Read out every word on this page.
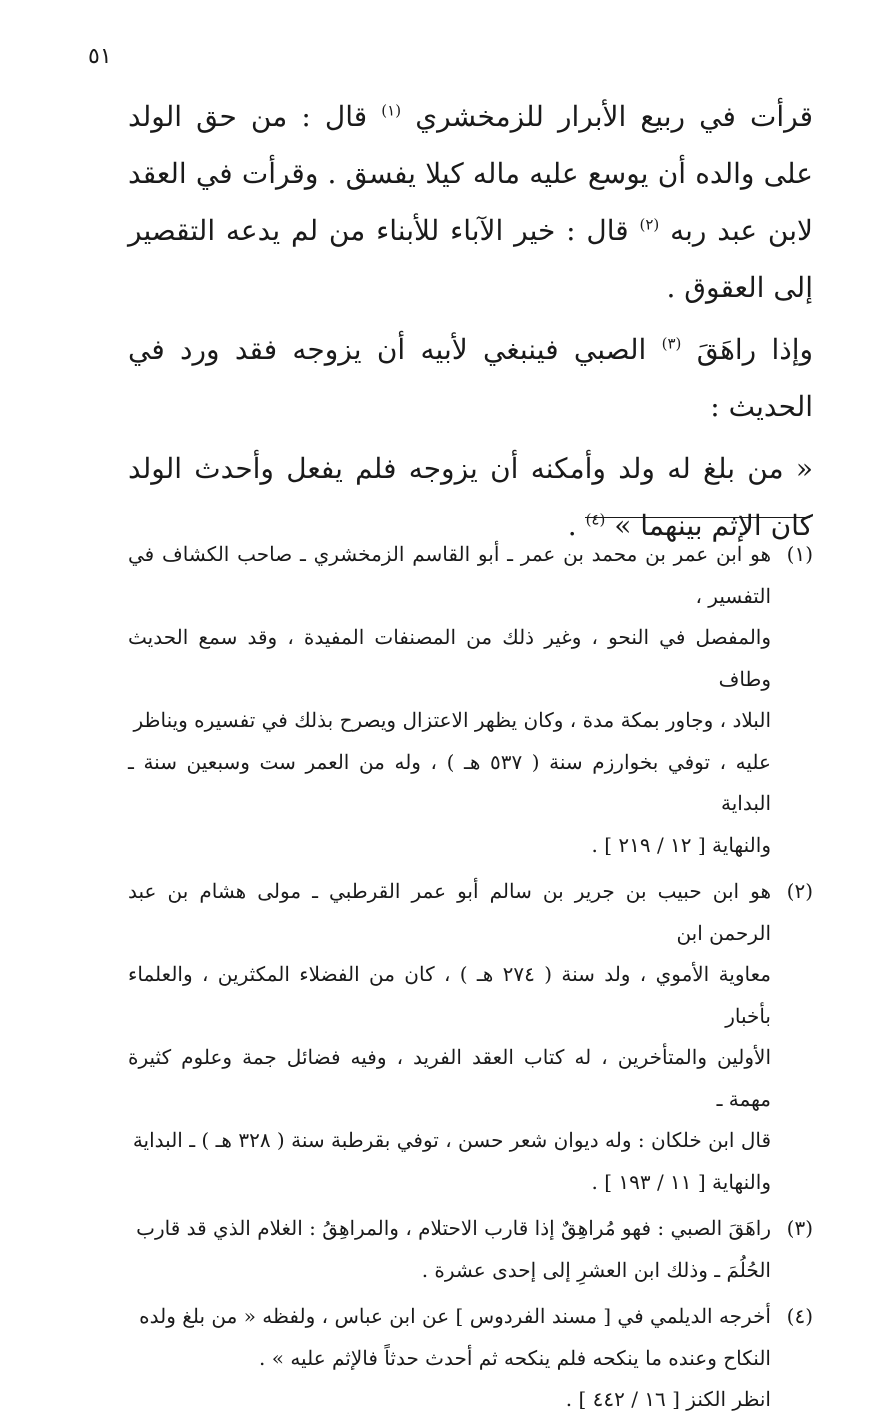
٥١

قرأت في ربيع الأبرار للزمخشري $^{(١)}$ قال : من حق الولد على والده أن يوسع عليه ماله كيلا يفسق . وقرأت في العقد لابن عبد ربه $^{(٢)}$ قال : خير الآباء للأبناء من لم يدعه التقصير إلى العقوق .

وإذا راهَقَ $^{(٣)}$ الصبي فينبغي لأبيه أن يزوجه فقد ورد في الحديث :

« من بلغ له ولد وأمكنه أن يزوجه فلم يفعل وأحدث الولد كان الإثم بينهما » $^{(٤)}$ .

(١)
هو ابن عمر بن محمد بن عمر ـ أبو القاسم الزمخشري ـ صاحب الكشاف في التفسير ،
والمفصل في النحو ، وغير ذلك من المصنفات المفيدة ، وقد سمع الحديث وطاف
البلاد ، وجاور بمكة مدة ، وكان يظهر الاعتزال ويصرح بذلك في تفسيره ويناظر
عليه ، توفي بخوارزم سنة ( ٥٣٧ هـ ) ، وله من العمر ست وسبعين سنة ـ البداية
والنهاية [ ١٢ / ٢١٩ ] .
(٢)
هو ابن حبيب بن جرير بن سالم أبو عمر القرطبي ـ مولى هشام بن عبد الرحمن ابن
معاوية الأموي ، ولد سنة ( ٢٧٤ هـ ) ، كان من الفضلاء المكثرين ، والعلماء بأخبار
الأولين والمتأخرين ، له كتاب العقد الفريد ، وفيه فضائل جمة وعلوم كثيرة مهمة ـ
قال ابن خلكان : وله ديوان شعر حسن ، توفي بقرطبة سنة ( ٣٢٨ هـ ) ـ البداية
والنهاية [ ١١ / ١٩٣ ] .
(٣)
راهَقَ الصبي : فهو مُراهِقٌ إذا قارب الاحتلام ، والمراهِقُ : الغلام الذي قد قارب
الحُلُمَ ـ وذلك ابن العشرِ إلى إحدى عشرة .
(٤)
أخرجه الديلمي في [ مسند الفردوس ] عن ابن عباس ، ولفظه « من بلغ ولده
النكاح وعنده ما ينكحه فلم ينكحه ثم أحدث حدثاً فالإثم عليه » .
انظر الكنز [ ١٦ / ٤٤٢ ] .
